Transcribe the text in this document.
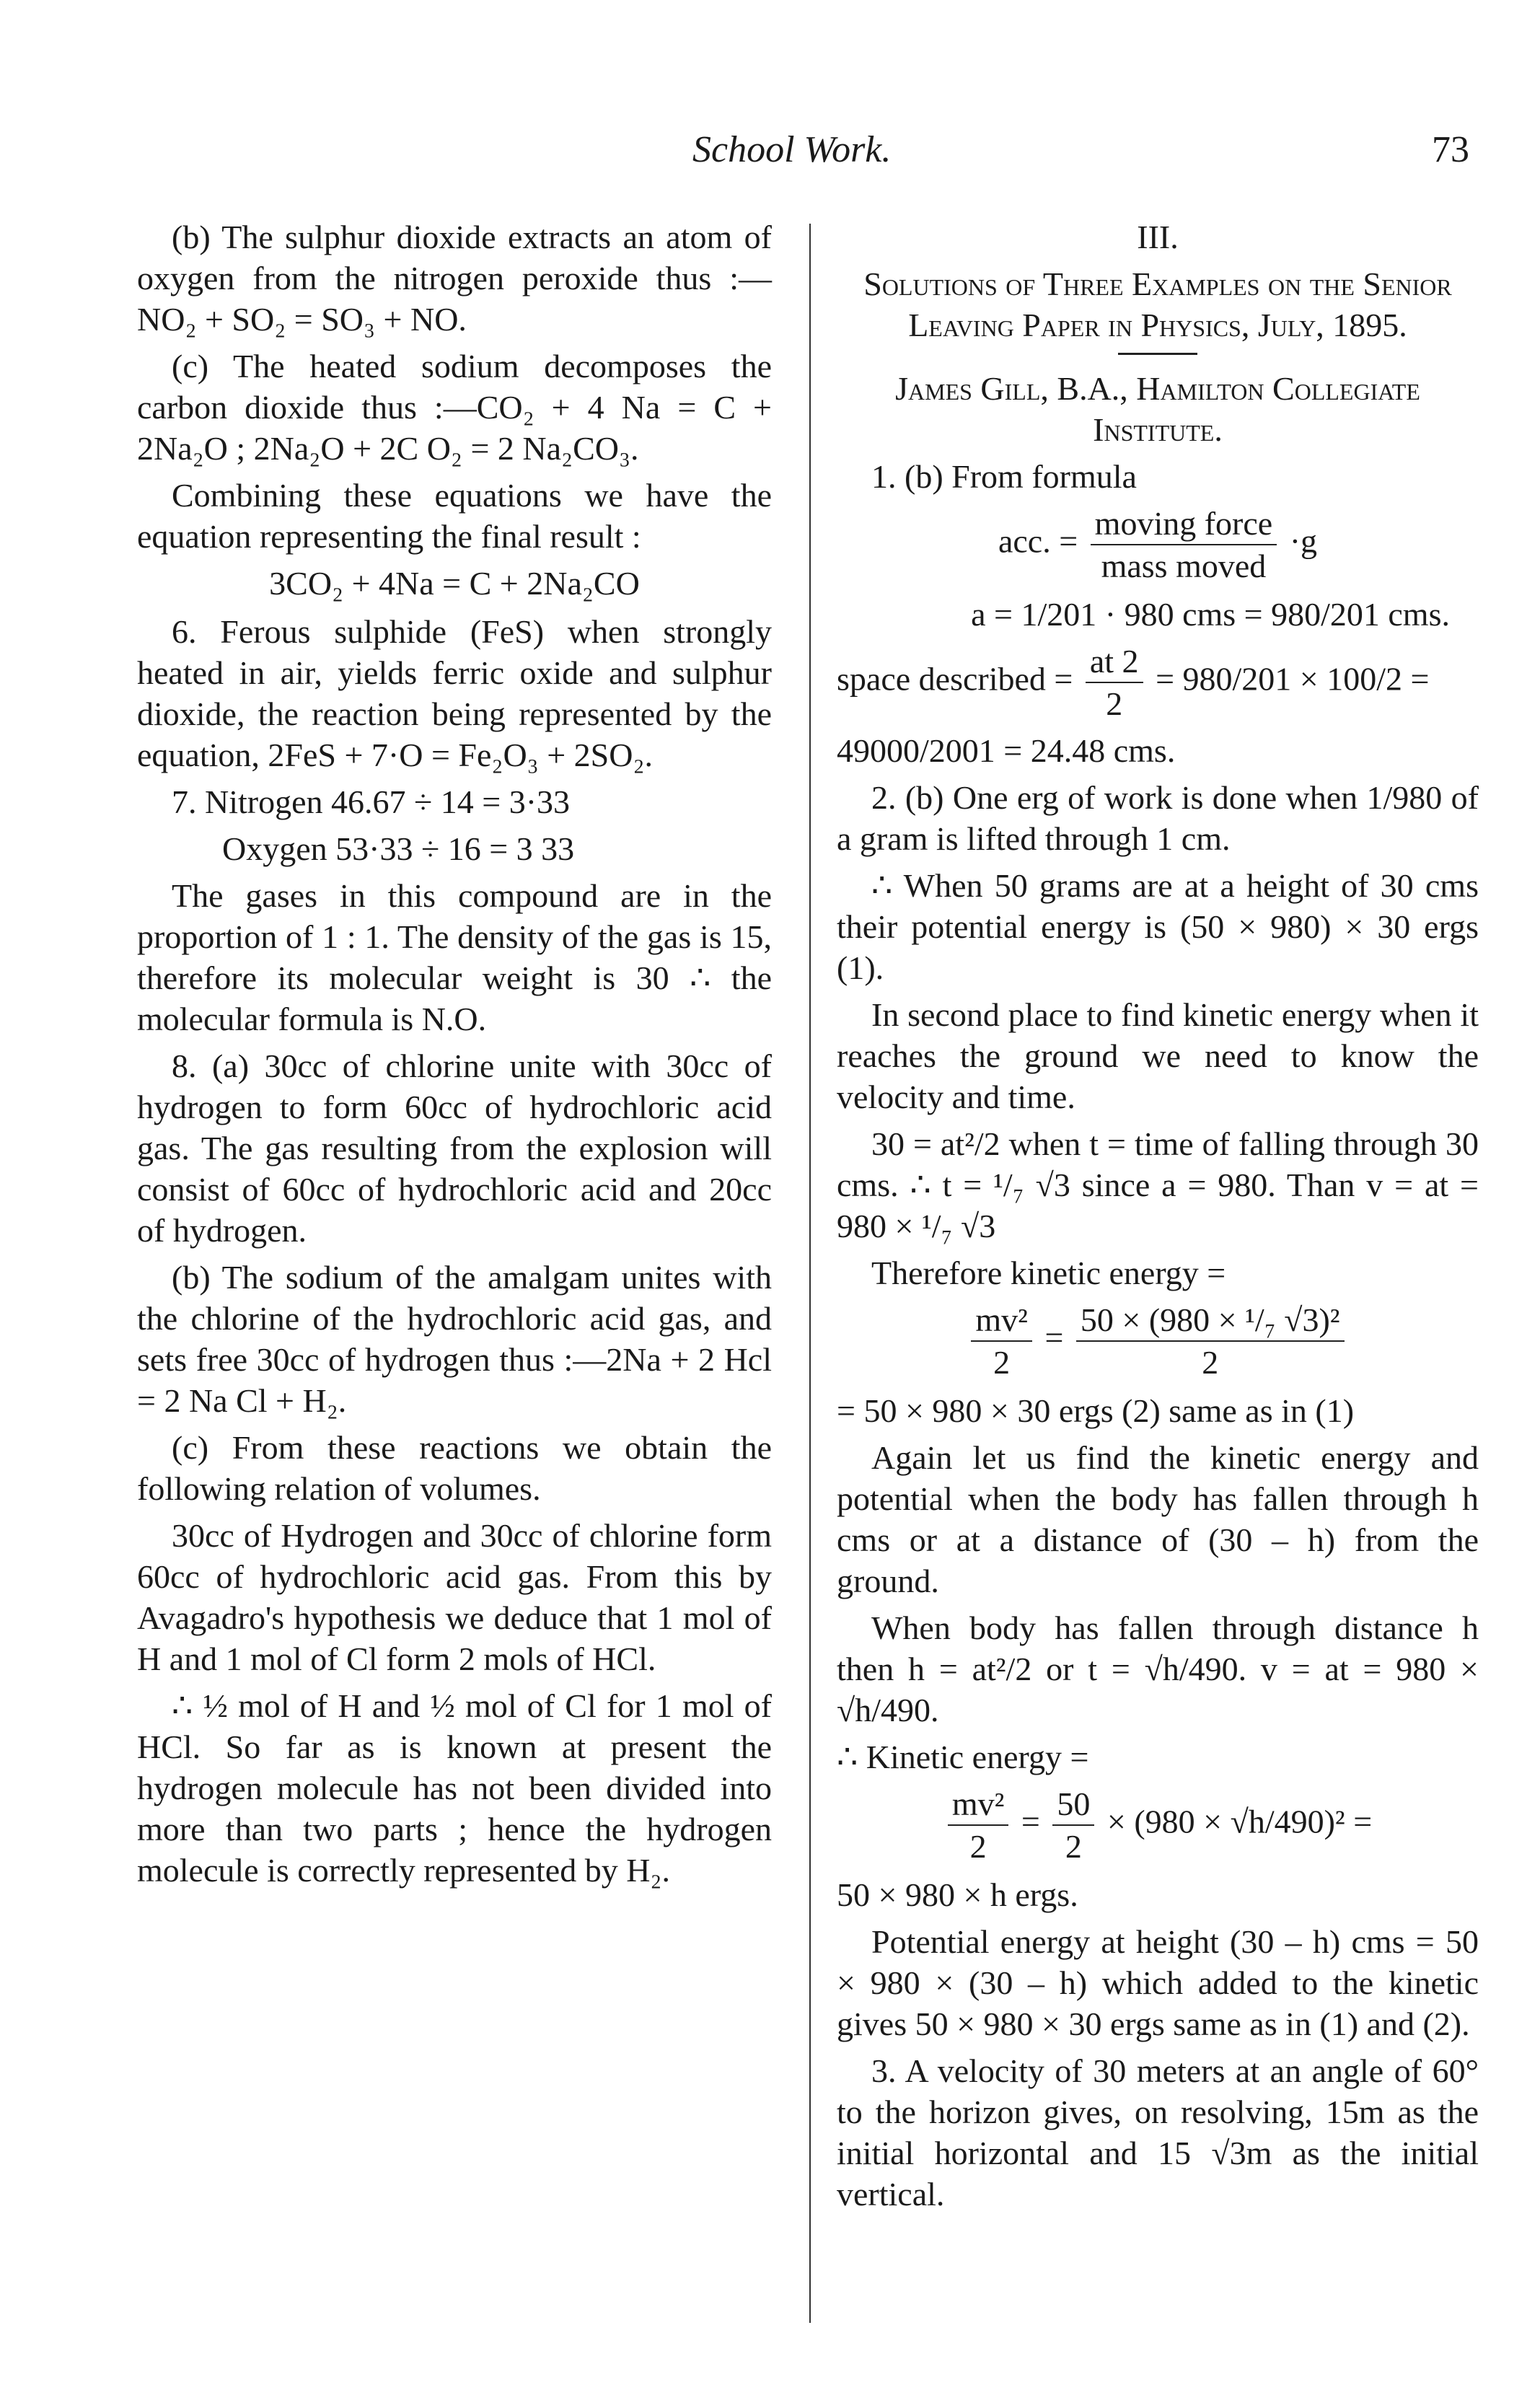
School Work.	73

(b) The sulphur dioxide extracts an atom of oxygen from the nitrogen peroxide thus :—NO₂ + SO₂ = SO₃ + NO.

(c) The heated sodium decomposes the carbon dioxide thus :—CO₂ + 4 Na = C + 2Na₂O ; 2Na₂O + 2C O₂ = 2 Na₂CO₃.

Combining these equations we have the equation representing the final result :

3CO₂ + 4Na = C + 2Na₂CO

6. Ferous sulphide (FeS) when strongly heated in air, yields ferric oxide and sulphur dioxide, the reaction being represented by the equation, 2FeS + 7·O = Fe₂O₃ + 2SO₂.

7. Nitrogen 46.67 ÷ 14 = 3·33

Oxygen 53·33 ÷ 16 = 3 33

The gases in this compound are in the proportion of 1 : 1. The density of the gas is 15, therefore its molecular weight is 30 ∴ the molecular formula is N.O.

8. (a) 30cc of chlorine unite with 30cc of hydrogen to form 60cc of hydrochloric acid gas. The gas resulting from the explosion will consist of 60cc of hydrochloric acid and 20cc of hydrogen.

(b) The sodium of the amalgam unites with the chlorine of the hydrochloric acid gas, and sets free 30cc of hydrogen thus :—2Na + 2 Hcl = 2 Na Cl + H₂.

(c) From these reactions we obtain the following relation of volumes.

30cc of Hydrogen and 30cc of chlorine form 60cc of hydrochloric acid gas. From this by Avagadro's hypothesis we deduce that 1 mol of H and 1 mol of Cl form 2 mols of HCl.

∴ ½ mol of H and ½ mol of Cl for 1 mol of HCl. So far as is known at present the hydrogen molecule has not been divided into more than two parts ; hence the hydrogen molecule is correctly represented by H₂.

III.

Solutions of Three Examples on the Senior Leaving Paper in Physics, July, 1895.

James Gill, B.A., Hamilton Collegiate Institute.

1. (b) From formula

acc. = $\frac{\text{moving force}}{\text{mass moved}} \cdot g$

a = 1/201 · 980 cms = 980/201 cms.

space described = $\frac{at 2}{2} = 980/201 \times 100/2$ =

49000/2001 = 24.48 cms.

2. (b) One erg of work is done when 1/980 of a gram is lifted through 1 cm.

∴ When 50 grams are at a height of 30 cms their potential energy is (50 × 980) × 30 ergs (1).

In second place to find kinetic energy when it reaches the ground we need to know the velocity and time.

30 = at²/2 when t = time of falling through 30 cms. ∴ t = ¹/₇ √3 since a = 980. Than v = at = 980 × ¹/₇ √3

Therefore kinetic energy =

$\frac{\text{mv²}}{2} = \frac{\text{50 × (980 × ¹/₇ √3)²}}{2}$

= 50 × 980 × 30 ergs (2) same as in (1)

Again let us find the kinetic energy and potential when the body has fallen through h cms or at a distance of (30 – h) from the ground.

When body has fallen through distance h then h = at²/2 or t = √h/490. v = at = 980 × √h/490.

∴ Kinetic energy =

$\frac{\text{mv²}}{2} = \frac{50}{2} \times (980 \times √h/490)^2$ =

50 × 980 × h ergs.

Potential energy at height (30 – h) cms = 50 × 980 × (30 – h) which added to the kinetic gives 50 × 980 × 30 ergs same as in (1) and (2).

3. A velocity of 30 meters at an angle of 60° to the horizon gives, on resolving, 15m as the initial horizontal and 15 √3m as the initial vertical.
